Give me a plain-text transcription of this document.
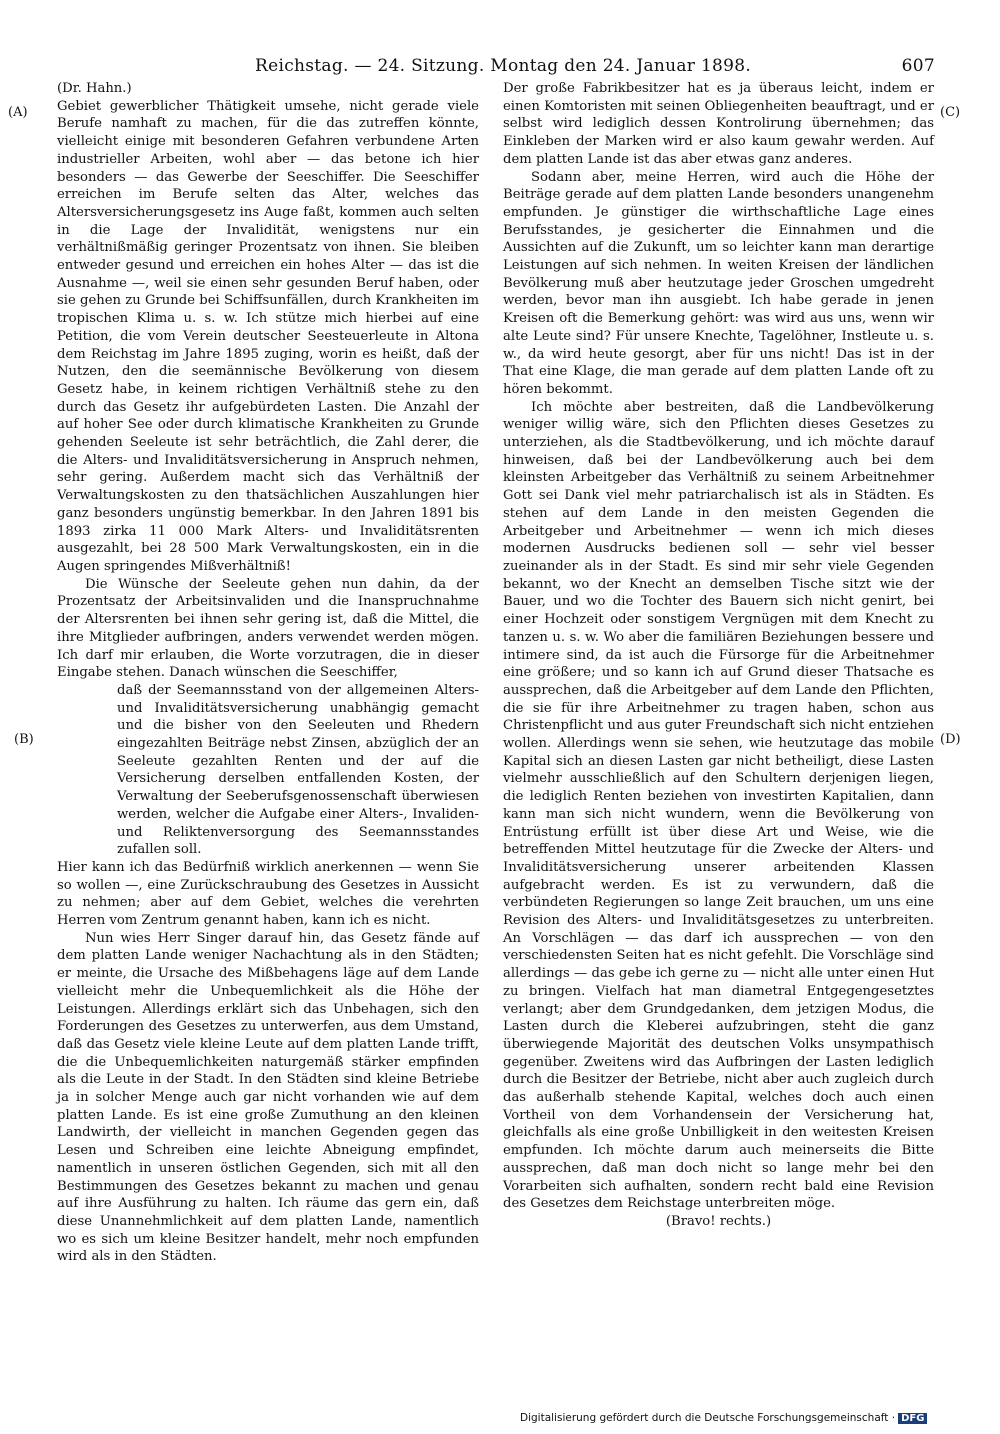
Reichstag. — 24. Sitzung. Montag den 24. Januar 1898.	607
(A)
(B)
(C)
(D)

(Dr. Hahn.)

Gebiet gewerblicher Thätigkeit umsehe, nicht gerade viele Berufe namhaft zu machen, für die das zutreffen könnte, vielleicht einige mit besonderen Gefahren verbundene Arten industrieller Arbeiten, wohl aber — das betone ich hier besonders — das Gewerbe der Seeschiffer. Die Seeschiffer erreichen im Berufe selten das Alter, welches das Altersversicherungsgesetz ins Auge faßt, kommen auch selten in die Lage der Invalidität, wenigstens nur ein verhältnißmäßig geringer Prozentsatz von ihnen. Sie bleiben entweder gesund und erreichen ein hohes Alter — das ist die Ausnahme —, weil sie einen sehr gesunden Beruf haben, oder sie gehen zu Grunde bei Schiffsunfällen, durch Krankheiten im tropischen Klima u. s. w. Ich stütze mich hierbei auf eine Petition, die vom Verein deutscher Seesteuerleute in Altona dem Reichstag im Jahre 1895 zuging, worin es heißt, daß der Nutzen, den die seemännische Bevölkerung von diesem Gesetz habe, in keinem richtigen Verhältniß stehe zu den durch das Gesetz ihr aufgebürdeten Lasten. Die Anzahl der auf hoher See oder durch klimatische Krankheiten zu Grunde gehenden Seeleute ist sehr beträchtlich, die Zahl derer, die die Alters- und Invaliditätsversicherung in Anspruch nehmen, sehr gering. Außerdem macht sich das Verhältniß der Verwaltungskosten zu den thatsächlichen Auszahlungen hier ganz besonders ungünstig bemerkbar. In den Jahren 1891 bis 1893 zirka 11 000 Mark Alters- und Invaliditätsrenten ausgezahlt, bei 28 500 Mark Verwaltungskosten, ein in die Augen springendes Mißverhältniß!

Die Wünsche der Seeleute gehen nun dahin, da der Prozentsatz der Arbeitsinvaliden und die Inanspruchnahme der Altersrenten bei ihnen sehr gering ist, daß die Mittel, die ihre Mitglieder aufbringen, anders verwendet werden mögen. Ich darf mir erlauben, die Worte vorzutragen, die in dieser Eingabe stehen. Danach wünschen die Seeschiffer,

daß der Seemannsstand von der allgemeinen Alters- und Invaliditätsversicherung unabhängig gemacht und die bisher von den Seeleuten und Rhedern eingezahlten Beiträge nebst Zinsen, abzüglich der an Seeleute gezahlten Renten und der auf die Versicherung derselben entfallenden Kosten, der Verwaltung der Seeberufsgenossenschaft überwiesen werden, welcher die Aufgabe einer Alters-, Invaliden- und Reliktenversorgung des Seemannsstandes zufallen soll.

Hier kann ich das Bedürfniß wirklich anerkennen — wenn Sie so wollen —, eine Zurückschraubung des Gesetzes in Aussicht zu nehmen; aber auf dem Gebiet, welches die verehrten Herren vom Zentrum genannt haben, kann ich es nicht.

Nun wies Herr Singer darauf hin, das Gesetz fände auf dem platten Lande weniger Nachachtung als in den Städten; er meinte, die Ursache des Mißbehagens läge auf dem Lande vielleicht mehr die Unbequemlichkeit als die Höhe der Leistungen. Allerdings erklärt sich das Unbehagen, sich den Forderungen des Gesetzes zu unterwerfen, aus dem Umstand, daß das Gesetz viele kleine Leute auf dem platten Lande trifft, die die Unbequemlichkeiten naturgemäß stärker empfinden als die Leute in der Stadt. In den Städten sind kleine Betriebe ja in solcher Menge auch gar nicht vorhanden wie auf dem platten Lande. Es ist eine große Zumuthung an den kleinen Landwirth, der vielleicht in manchen Gegenden gegen das Lesen und Schreiben eine leichte Abneigung empfindet, namentlich in unseren östlichen Gegenden, sich mit all den Bestimmungen des Gesetzes bekannt zu machen und genau auf ihre Ausführung zu halten. Ich räume das gern ein, daß diese Unannehmlichkeit auf dem platten Lande, namentlich wo es sich um kleine Besitzer handelt, mehr noch empfunden wird als in den Städten.

Der große Fabrikbesitzer hat es ja überaus leicht, indem er einen Komtoristen mit seinen Obliegenheiten beauftragt, und er selbst wird lediglich dessen Kontrolirung übernehmen; das Einkleben der Marken wird er also kaum gewahr werden. Auf dem platten Lande ist das aber etwas ganz anderes.

Sodann aber, meine Herren, wird auch die Höhe der Beiträge gerade auf dem platten Lande besonders unangenehm empfunden. Je günstiger die wirthschaftliche Lage eines Berufsstandes, je gesicherter die Einnahmen und die Aussichten auf die Zukunft, um so leichter kann man derartige Leistungen auf sich nehmen. In weiten Kreisen der ländlichen Bevölkerung muß aber heutzutage jeder Groschen umgedreht werden, bevor man ihn ausgiebt. Ich habe gerade in jenen Kreisen oft die Bemerkung gehört: was wird aus uns, wenn wir alte Leute sind? Für unsere Knechte, Tagelöhner, Instleute u. s. w., da wird heute gesorgt, aber für uns nicht! Das ist in der That eine Klage, die man gerade auf dem platten Lande oft zu hören bekommt.

Ich möchte aber bestreiten, daß die Landbevölkerung weniger willig wäre, sich den Pflichten dieses Gesetzes zu unterziehen, als die Stadtbevölkerung, und ich möchte darauf hinweisen, daß bei der Landbevölkerung auch bei dem kleinsten Arbeitgeber das Verhältniß zu seinem Arbeitnehmer Gott sei Dank viel mehr patriarchalisch ist als in Städten. Es stehen auf dem Lande in den meisten Gegenden die Arbeitgeber und Arbeitnehmer — wenn ich mich dieses modernen Ausdrucks bedienen soll — sehr viel besser zueinander als in der Stadt. Es sind mir sehr viele Gegenden bekannt, wo der Knecht an demselben Tische sitzt wie der Bauer, und wo die Tochter des Bauern sich nicht genirt, bei einer Hochzeit oder sonstigem Vergnügen mit dem Knecht zu tanzen u. s. w. Wo aber die familiären Beziehungen bessere und intimere sind, da ist auch die Fürsorge für die Arbeitnehmer eine größere; und so kann ich auf Grund dieser Thatsache es aussprechen, daß die Arbeitgeber auf dem Lande den Pflichten, die sie für ihre Arbeitnehmer zu tragen haben, schon aus Christenpflicht und aus guter Freundschaft sich nicht entziehen wollen. Allerdings wenn sie sehen, wie heutzutage das mobile Kapital sich an diesen Lasten gar nicht betheiligt, diese Lasten vielmehr ausschließlich auf den Schultern derjenigen liegen, die lediglich Renten beziehen von investirten Kapitalien, dann kann man sich nicht wundern, wenn die Bevölkerung von Entrüstung erfüllt ist über diese Art und Weise, wie die betreffenden Mittel heutzutage für die Zwecke der Alters- und Invaliditätsversicherung unserer arbeitenden Klassen aufgebracht werden. Es ist zu verwundern, daß die verbündeten Regierungen so lange Zeit brauchen, um uns eine Revision des Alters- und Invaliditätsgesetzes zu unterbreiten. An Vorschlägen — das darf ich aussprechen — von den verschiedensten Seiten hat es nicht gefehlt. Die Vorschläge sind allerdings — das gebe ich gerne zu — nicht alle unter einen Hut zu bringen. Vielfach hat man diametral Entgegengesetztes verlangt; aber dem Grundgedanken, dem jetzigen Modus, die Lasten durch die Kleberei aufzubringen, steht die ganz überwiegende Majorität des deutschen Volks unsympathisch gegenüber. Zweitens wird das Aufbringen der Lasten lediglich durch die Besitzer der Betriebe, nicht aber auch zugleich durch das außerhalb stehende Kapital, welches doch auch einen Vortheil von dem Vorhandensein der Versicherung hat, gleichfalls als eine große Unbilligkeit in den weitesten Kreisen empfunden. Ich möchte darum auch meinerseits die Bitte aussprechen, daß man doch nicht so lange mehr bei den Vorarbeiten sich aufhalten, sondern recht bald eine Revision des Gesetzes dem Reichstage unterbreiten möge.

(Bravo! rechts.)

Digitalisierung gefördert durch die Deutsche Forschungsgemeinschaft · DFG
